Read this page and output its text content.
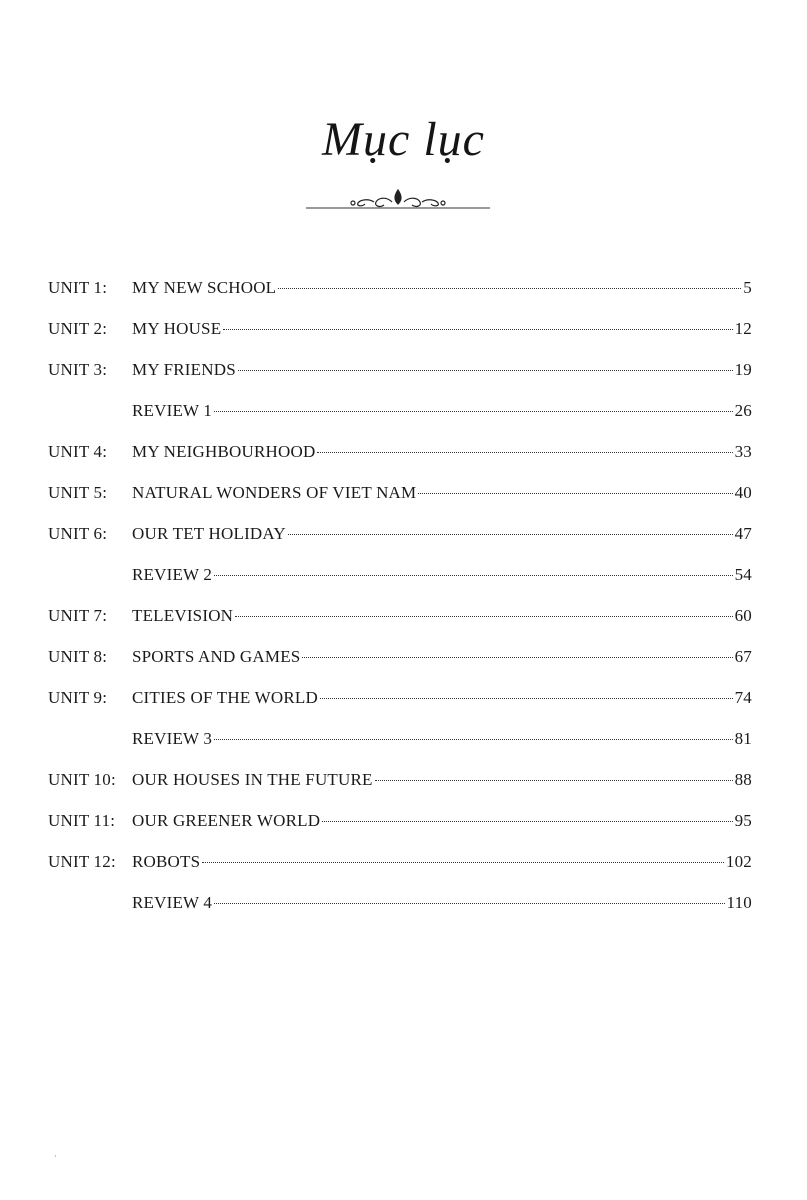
Mục lục
UNIT 1:	MY NEW SCHOOL	5
UNIT 2:	MY HOUSE	12
UNIT 3:	MY FRIENDS	19
REVIEW 1	26
UNIT 4:	MY NEIGHBOURHOOD	33
UNIT 5:	NATURAL WONDERS OF VIET NAM	40
UNIT 6:	OUR TET HOLIDAY	47
REVIEW 2	54
UNIT 7:	TELEVISION	60
UNIT 8:	SPORTS AND GAMES	67
UNIT 9:	CITIES OF THE WORLD	74
REVIEW 3	81
UNIT 10: OUR HOUSES IN THE FUTURE	88
UNIT 11: OUR GREENER WORLD	95
UNIT 12: ROBOTS	102
REVIEW 4	110
·
